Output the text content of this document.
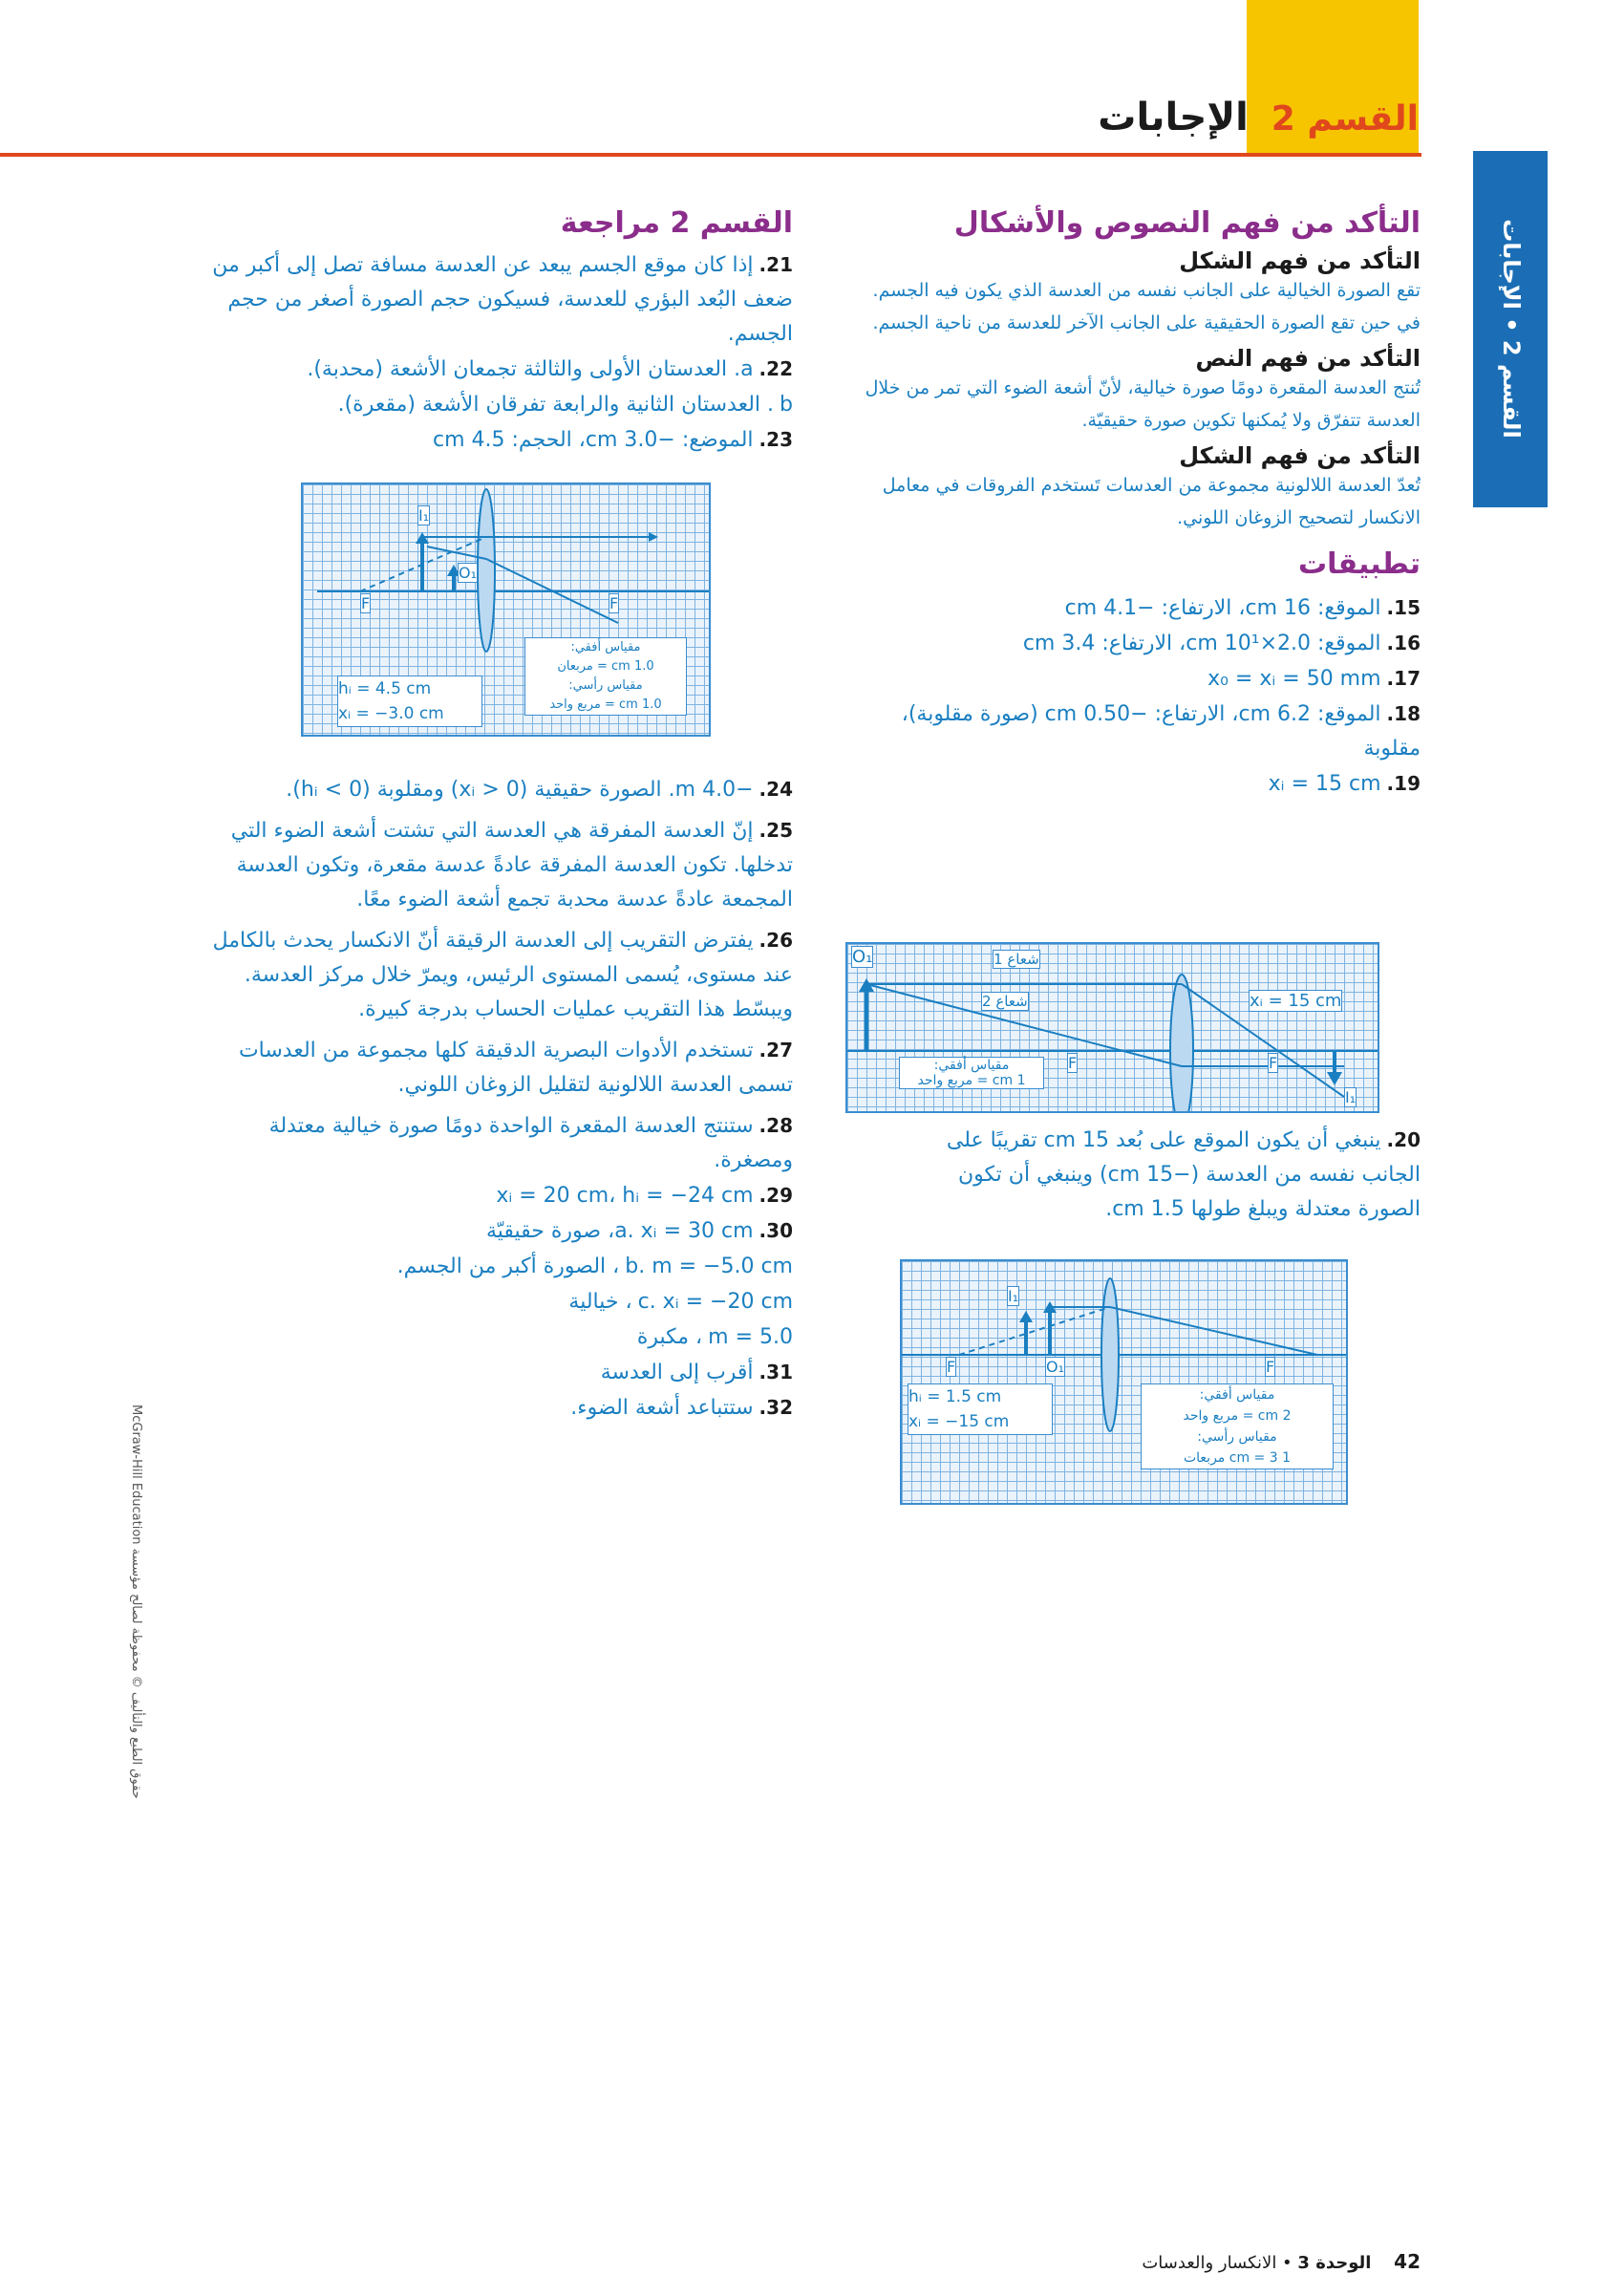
القسم 2 الإجابات
القسم 2 • الإجابات
التأكد من فهم النصوص والأشكال
التأكد من فهم الشكل

تقع الصورة الخيالية على الجانب نفسه من العدسة الذي يكون فيه الجسم. في حين تقع الصورة الحقيقية على الجانب الآخر للعدسة من ناحية الجسم.

التأكد من فهم النص

تُنتج العدسة المقعرة دومًا صورة خيالية، لأنّ أشعة الضوء التي تمر من خلال العدسة تتفرّق ولا يُمكنها تكوين صورة حقيقيّة.

التأكد من فهم الشكل

تُعدّ العدسة اللالونية مجموعة من العدسات تَستخدم الفروقات في معامل الانكسار لتصحيح الزوغان اللوني.

تطبيقات
15.الموقع: 16 cm، الارتفاع: −4.1 cm
16.الموقع: 2.0×10¹ cm، الارتفاع: 3.4 cm
17.x₀ = xᵢ = 50 mm
18.الموقع: 6.2 cm، الارتفاع: −0.50 cm (صورة مقلوبة)، مقلوبة
19.xᵢ = 15 cm
O₁	شعاع 1
شعاع 2	xᵢ = 15 cm
F	F
I₁
مقياس أفقي:
1 cm = مربع واحد
20.ينبغي أن يكون الموقع على بُعد 15 cm تقريبًا على الجانب نفسه من العدسة (−15 cm) وينبغي أن تكون الصورة معتدلة ويبلغ طولها 1.5 cm.
I₁
O₁
F	F
hᵢ = 1.5 cm
xᵢ = −15 cm
مقياس أفقي:
2 cm = مربع واحد
مقياس رأسي:
1 cm = 3 مربعات
القسم 2 مراجعة
21.إذا كان موقع الجسم يبعد عن العدسة مسافة تصل إلى أكبر من ضعف البُعد البؤري للعدسة، فسيكون حجم الصورة أصغر من حجم الجسم.
22.a. العدستان الأولى والثالثة تجمعان الأشعة (محدبة).
b. العدستان الثانية والرابعة تفرقان الأشعة (مقعرة).
23.الموضع: −3.0 cm، الحجم: 4.5 cm
I₁
O₁
F	F
hᵢ = 4.5 cm
xᵢ = −3.0 cm
مقياس أفقي:
1.0 cm = مربعان
مقياس رأسي:
1.0 cm = مربع واحد
24.−4.0 m. الصورة حقيقية (xᵢ > 0) ومقلوبة (hᵢ < 0).
25.إنّ العدسة المفرقة هي العدسة التي تشتت أشعة الضوء التي تدخلها. تكون العدسة المفرقة عادةً عدسة مقعرة، وتكون العدسة المجمعة عادةً عدسة محدبة تجمع أشعة الضوء معًا.
26.يفترض التقريب إلى العدسة الرقيقة أنّ الانكسار يحدث بالكامل عند مستوى، يُسمى المستوى الرئيس، ويمرّ خلال مركز العدسة. ويبسّط هذا التقريب عمليات الحساب بدرجة كبيرة.
27.تستخدم الأدوات البصرية الدقيقة كلها مجموعة من العدسات تسمى العدسة اللالونية لتقليل الزوغان اللوني.
28.ستنتج العدسة المقعرة الواحدة دومًا صورة خيالية معتدلة ومصغرة.
29.xᵢ = 20 cm، hᵢ = −24 cm
30.a. xᵢ = 30 cm، صورة حقيقيّة
b. m = −5.0 cm، الصورة أكبر من الجسم.
c. xᵢ = −20 cm، خيالية
m = 5.0، مكبرة
31.أقرب إلى العدسة
32.ستتباعد أشعة الضوء.
McGraw-Hill Education حقوق الطبع والتأليف © محفوظة لصالح مؤسسة
42 الوحدة 3 • الانكسار والعدسات
